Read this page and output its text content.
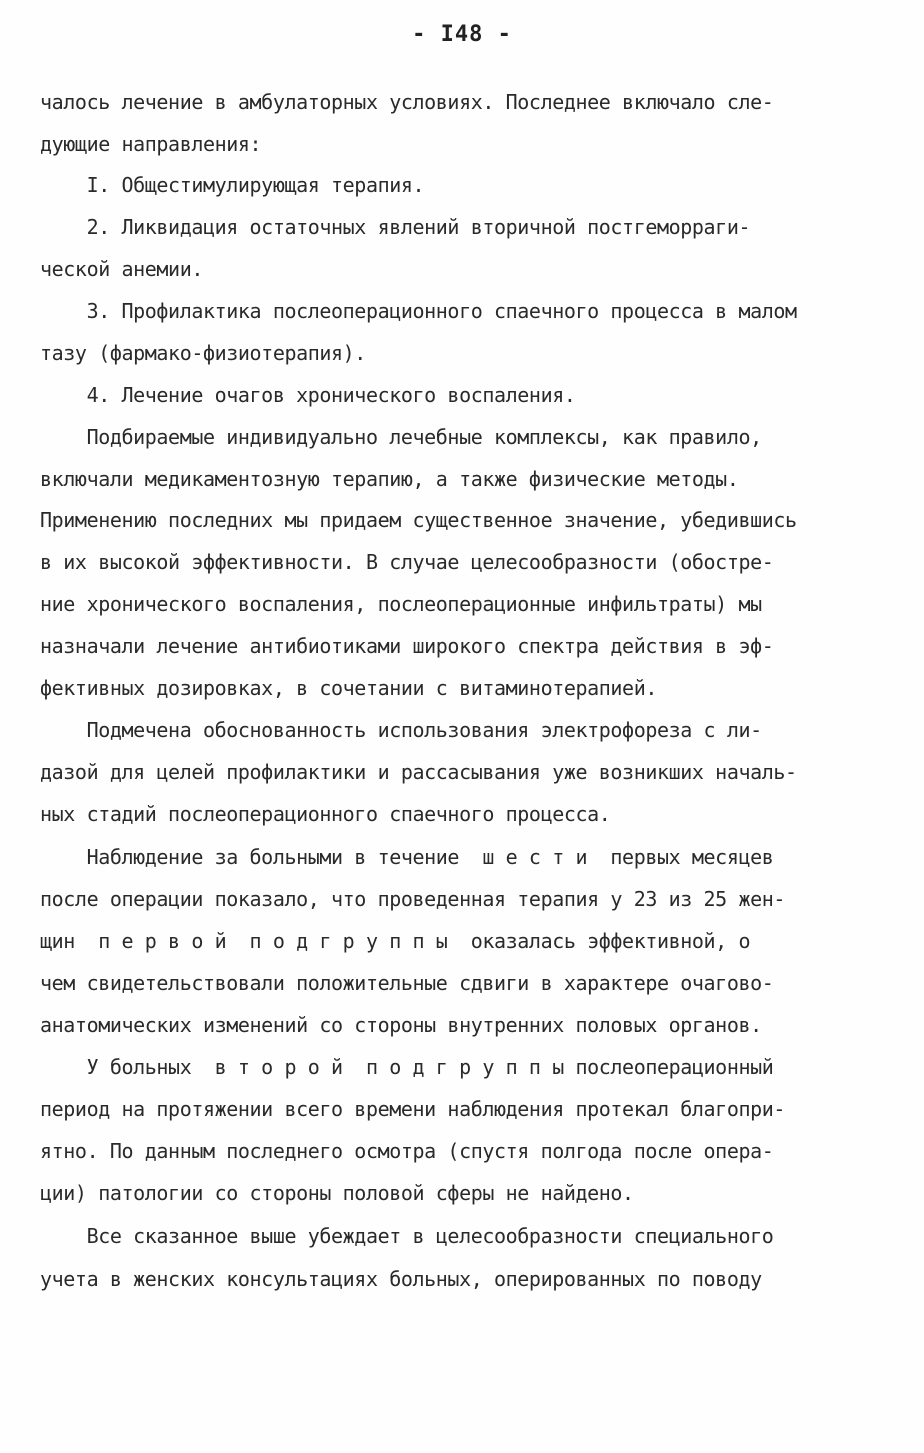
- I48 -
чалось лечение в амбулаторных условиях. Последнее включало сле-
дующие направления:
I. Общестимулирующая терапия.
2. Ликвидация остаточных явлений вторичной постгеморраги-
ческой анемии.
3. Профилактика послеоперационного спаечного процесса в малом
тазу (фармако-физиотерапия).
4. Лечение очагов хронического воспаления.
Подбираемые индивидуально лечебные комплексы, как правило,
включали медикаментозную терапию, а также физические методы.
Применению последних мы придаем существенное значение, убедившись
в их высокой эффективности. В случае целесообразности (обостре-
ние хронического воспаления, послеоперационные инфильтраты) мы
назначали лечение антибиотиками широкого спектра действия в эф-
фективных дозировках, в сочетании с витаминотерапией.
Подмечена обоснованность использования электрофореза с ли-
дазой для целей профилактики и рассасывания уже возникших началь-
ных стадий послеоперационного спаечного процесса.
Наблюдение за больными в течение  ш е с т и  первых месяцев
после операции показало, что проведенная терапия у 23 из 25 жен-
щин  п е р в о й  п о д г р у п п ы  оказалась эффективной, о
чем свидетельствовали положительные сдвиги в характере очагово-
анатомических изменений со стороны внутренних половых органов.
У больных  в т о р о й  п о д г р у п п ы послеоперационный
период на протяжении всего времени наблюдения протекал благопри-
ятно. По данным последнего осмотра (спустя полгода после опера-
ции) патологии со стороны половой сферы не найдено.
Все сказанное выше убеждает в целесообразности специального
учета в женских консультациях больных, оперированных по поводу
